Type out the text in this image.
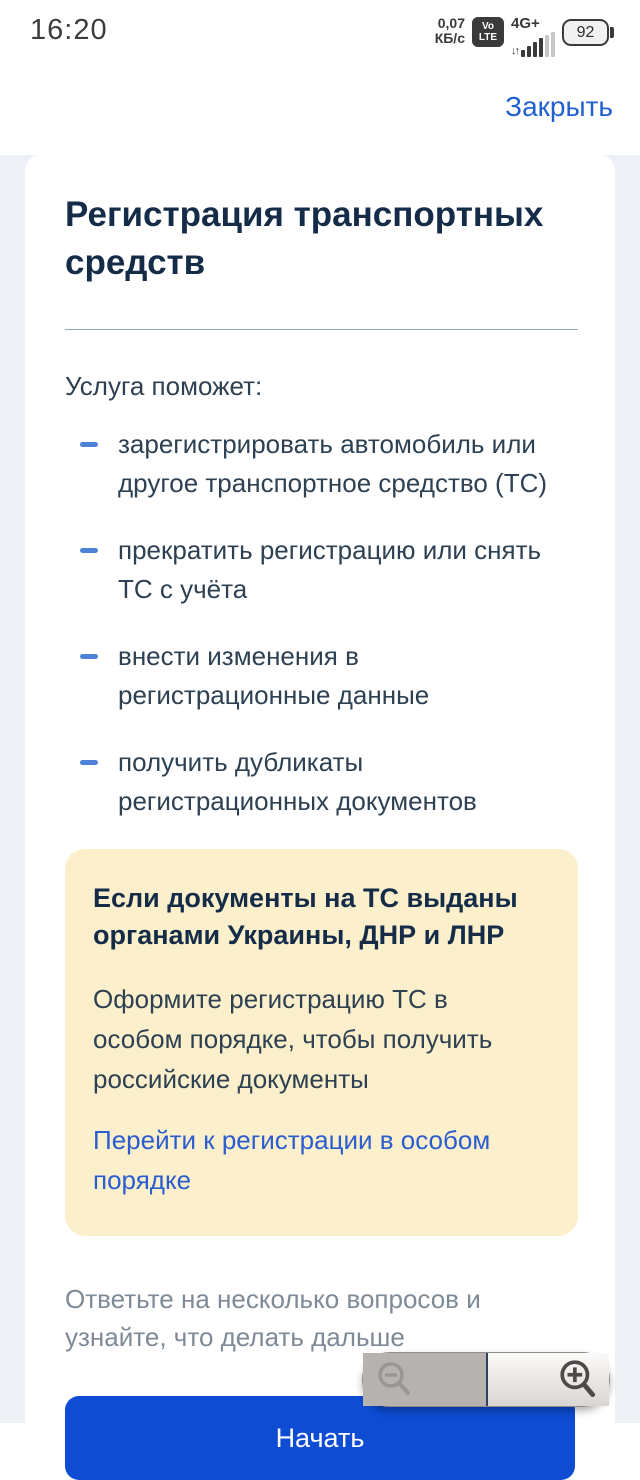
16:20	0,07
КБ/с
Vo
LTE
4G+
↓↑
92
Закрыть
Регистрация транспортных средств

Услуга поможет:

зарегистрировать автомобиль или другое транспортное средство (ТС)
прекратить регистрацию или снять ТС с учёта
внести изменения в регистрационные данные
получить дубликаты регистрационных документов
Если документы на ТС выданы органами Украины, ДНР и ЛНР
Оформите регистрацию ТС в особом порядке, чтобы получить российские документы
Перейти к регистрации в особом порядке

Ответьте на несколько вопросов и узнайте, что делать дальше

Начать
